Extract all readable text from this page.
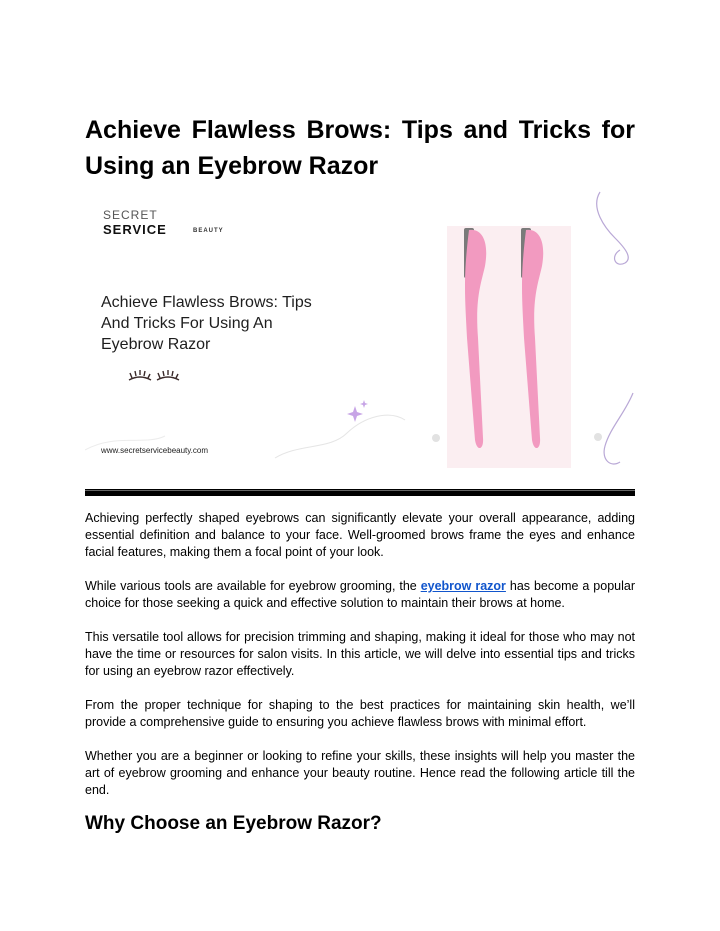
Achieve Flawless Brows: Tips and Tricks for Using an Eyebrow Razor
SECRET
SERVICE	BEAUTY
Achieve Flawless Brows: Tips And Tricks For Using An Eyebrow Razor
www.secretservicebeauty.com

Achieving perfectly shaped eyebrows can significantly elevate your overall appearance, adding essential definition and balance to your face. Well-groomed brows frame the eyes and enhance facial features, making them a focal point of your look.

While various tools are available for eyebrow grooming, the eyebrow razor has become a popular choice for those seeking a quick and effective solution to maintain their brows at home.

This versatile tool allows for precision trimming and shaping, making it ideal for those who may not have the time or resources for salon visits. In this article, we will delve into essential tips and tricks for using an eyebrow razor effectively.

From the proper technique for shaping to the best practices for maintaining skin health, we’ll provide a comprehensive guide to ensuring you achieve flawless brows with minimal effort.

Whether you are a beginner or looking to refine your skills, these insights will help you master the art of eyebrow grooming and enhance your beauty routine. Hence read the following article till the end.

Why Choose an Eyebrow Razor?
